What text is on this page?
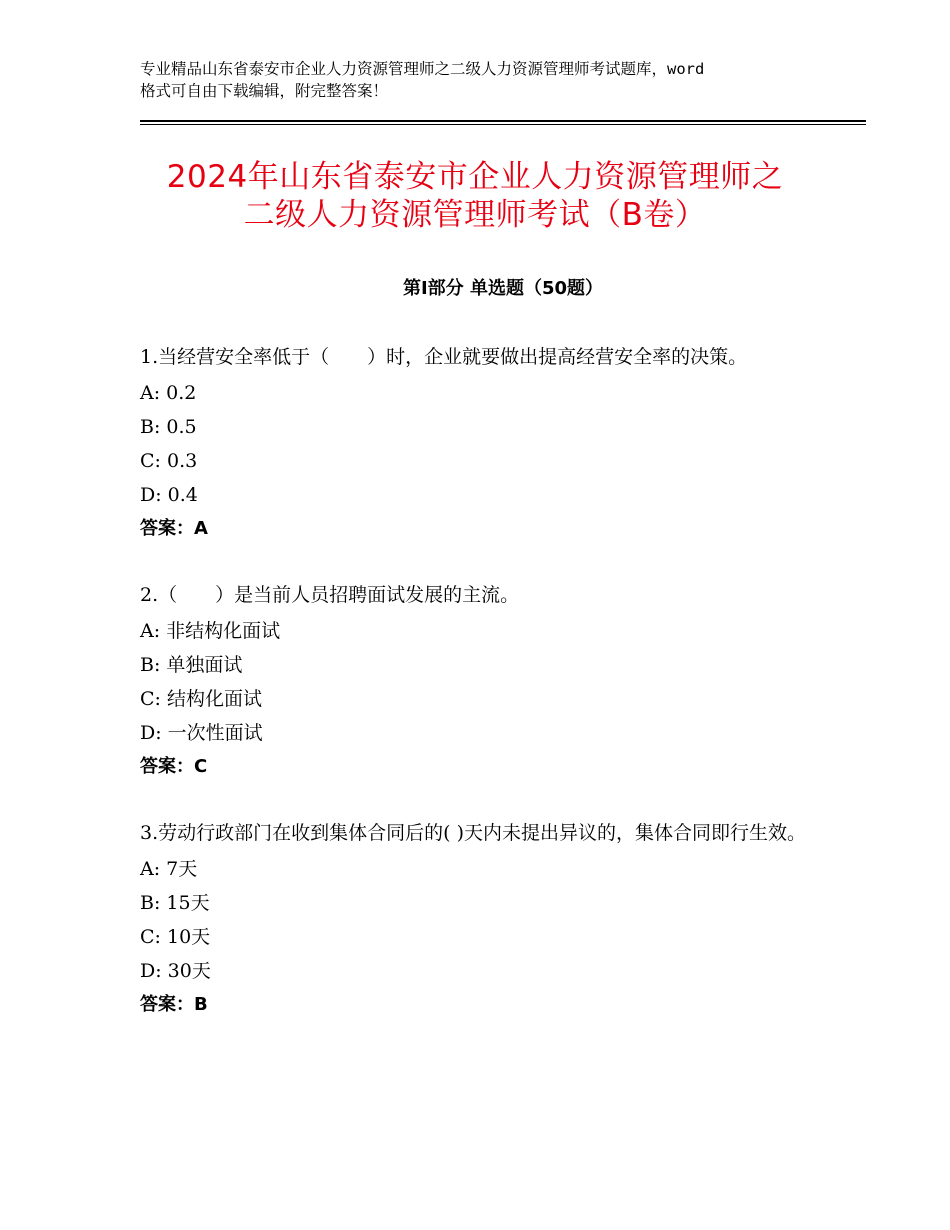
专业精品山东省泰安市企业人力资源管理师之二级人力资源管理师考试题库，word
格式可自由下载编辑，附完整答案！
2024年山东省泰安市企业人力资源管理师之
二级人力资源管理师考试（B卷）
第Ⅰ部分 单选题（50题）
1.当经营安全率低于（　　）时，企业就要做出提高经营安全率的决策。
A: 0.2
B: 0.5
C: 0.3
D: 0.4
答案：A
2.（　　）是当前人员招聘面试发展的主流。
A: 非结构化面试
B: 单独面试
C: 结构化面试
D: 一次性面试
答案：C
3.劳动行政部门在收到集体合同后的( )天内未提出异议的，集体合同即行生效。
A: 7天
B: 15天
C: 10天
D: 30天
答案：B
